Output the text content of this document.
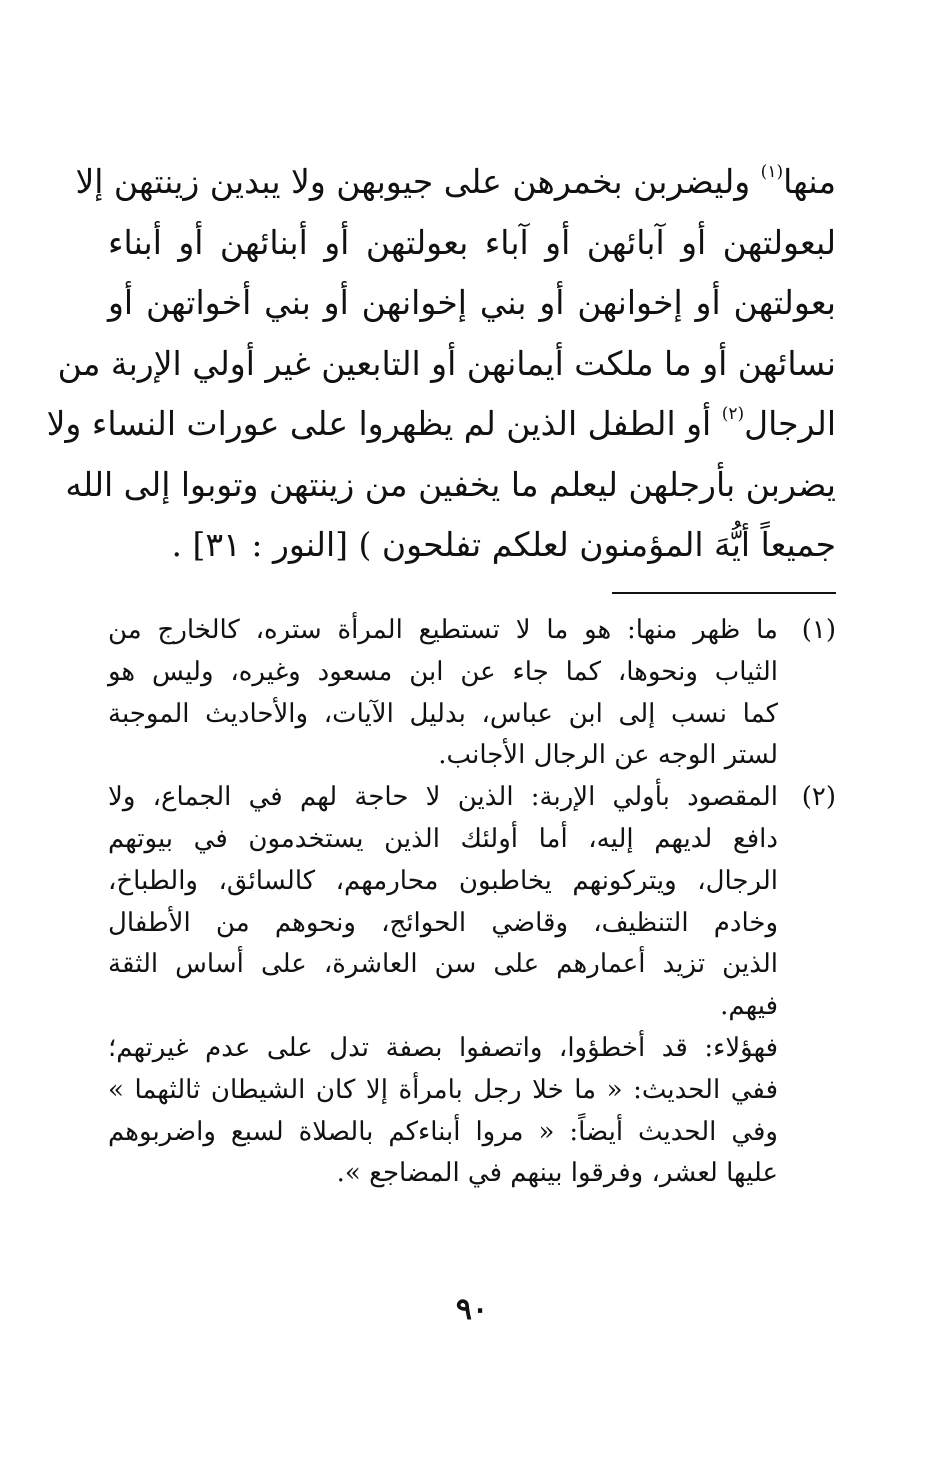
منها$^{(١)}$ وليضربن بخمرهن على جيوبهن ولا يبدين زينتهن إلا
لبعولتهن أو آبائهن أو آباء بعولتهن أو أبنائهن أو أبناء
بعولتهن أو إخوانهن أو بني إخوانهن أو بني أخواتهن أو
نسائهن أو ما ملكت أيمانهن أو التابعين غير أولي الإربة من
الرجال$^{(٢)}$ أو الطفل الذين لم يظهروا على عورات النساء ولا
يضربن بأرجلهن ليعلم ما يخفين من زينتهن وتوبوا إلى الله
جميعاً أيُّهَ المؤمنون لعلكم تفلحون ) [النور : ٣١] .
(١)
ما ظهر منها: هو ما لا تستطيع المرأة ستره، كالخارج من
الثياب ونحوها، كما جاء عن ابن مسعود وغيره، وليس هو
كما نسب إلى ابن عباس، بدليل الآيات، والأحاديث الموجبة
لستر الوجه عن الرجال الأجانب.
(٢)
المقصود بأولي الإربة: الذين لا حاجة لهم في الجماع، ولا
دافع لديهم إليه، أما أولئك الذين يستخدمون في بيوتهم
الرجال، ويتركونهم يخاطبون محارمهم، كالسائق، والطباخ،
وخادم التنظيف، وقاضي الحوائج، ونحوهم من الأطفال
الذين تزيد أعمارهم على سن العاشرة، على أساس الثقة
فيهم.
فهؤلاء: قد أخطؤوا، واتصفوا بصفة تدل على عدم غيرتهم؛
ففي الحديث: « ما خلا رجل بامرأة إلا كان الشيطان ثالثهما »
وفي الحديث أيضاً: « مروا أبناءكم بالصلاة لسبع واضربوهم
عليها لعشر، وفرقوا بينهم في المضاجع ».
٩٠
